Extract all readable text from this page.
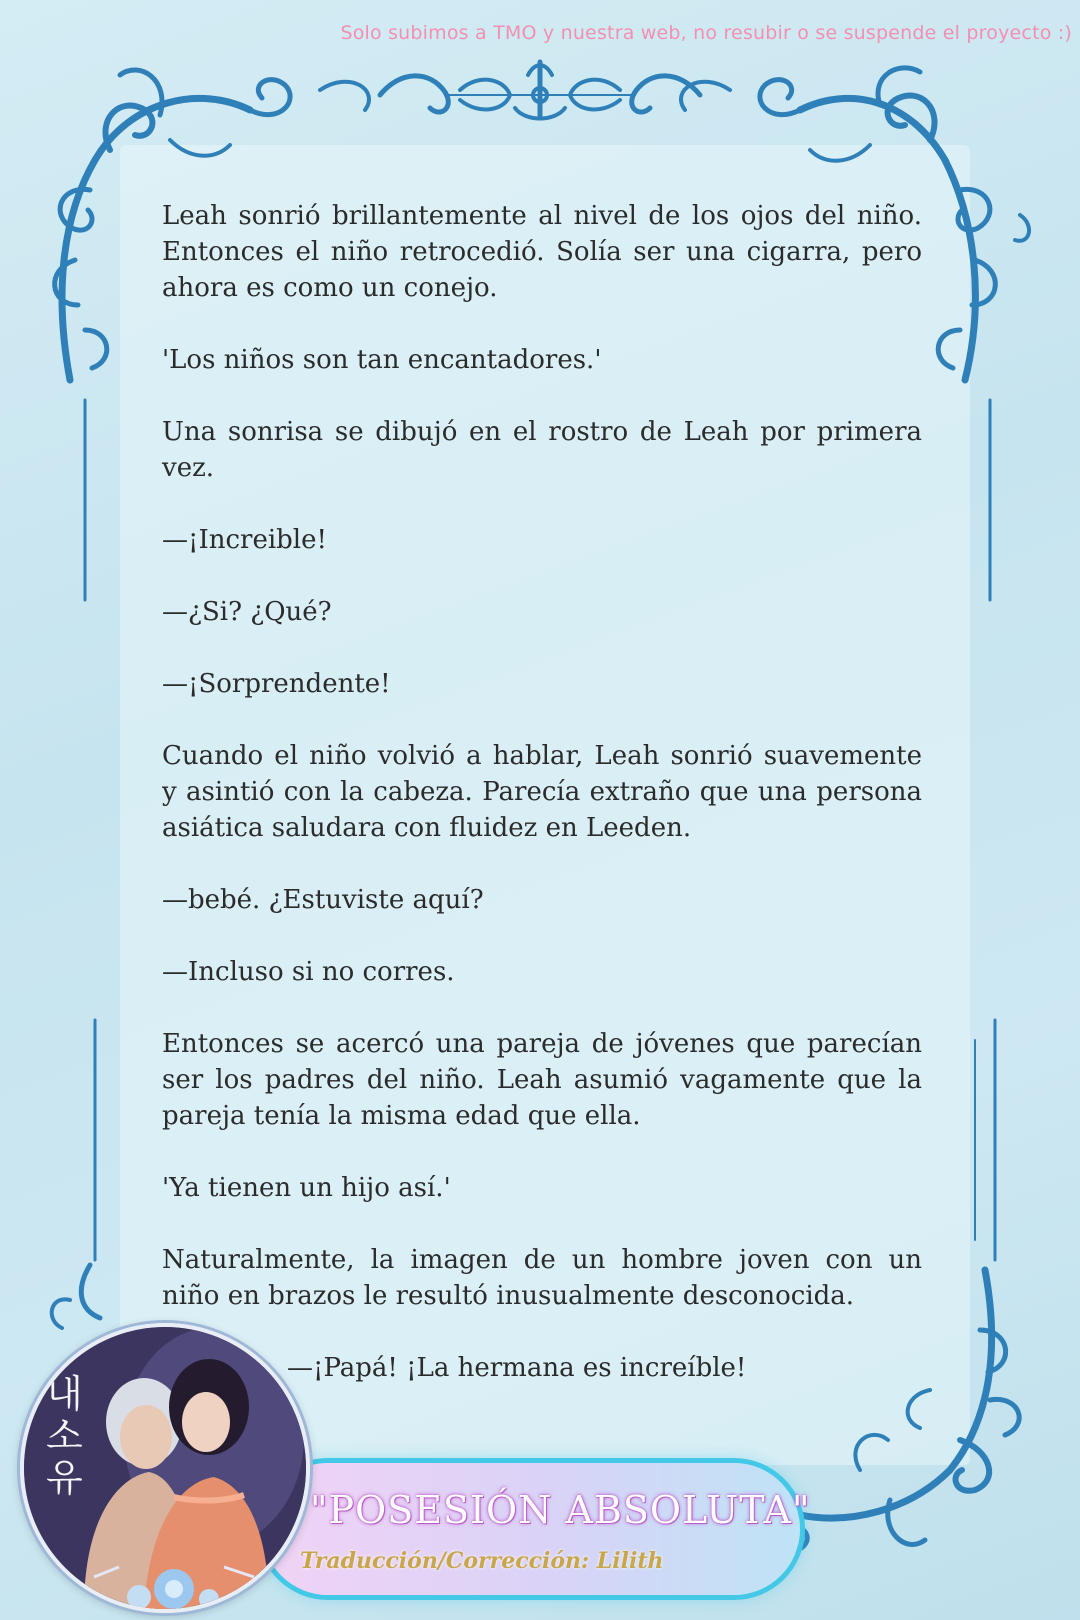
Solo subimos a TMO y nuestra web, no resubir o se suspende el proyecto :)

Leah sonrió brillantemente al nivel de los ojos del niño. Entonces el niño retrocedió. Solía ser una cigarra, pero ahora es como un conejo.

'Los niños son tan encantadores.'

Una sonrisa se dibujó en el rostro de Leah por primera vez.

—¡Increible!

—¿Si? ¿Qué?

—¡Sorprendente!

Cuando el niño volvió a hablar, Leah sonrió suavemente y asintió con la cabeza. Parecía extraño que una persona asiática saludara con fluidez en Leeden.

—bebé. ¿Estuviste aquí?

—Incluso si no corres.

Entonces se acercó una pareja de jóvenes que parecían ser los padres del niño. Leah asumió vagamente que la pareja tenía la misma edad que ella.

'Ya tienen un hijo así.'

Naturalmente, la imagen de un hombre joven con un niño en brazos le resultó inusualmente desconocida.

—¡Papá! ¡La hermana es increíble!

"POSESIÓN ABSOLUTA"
Traducción/Corrección: Lilith
내
소
유
